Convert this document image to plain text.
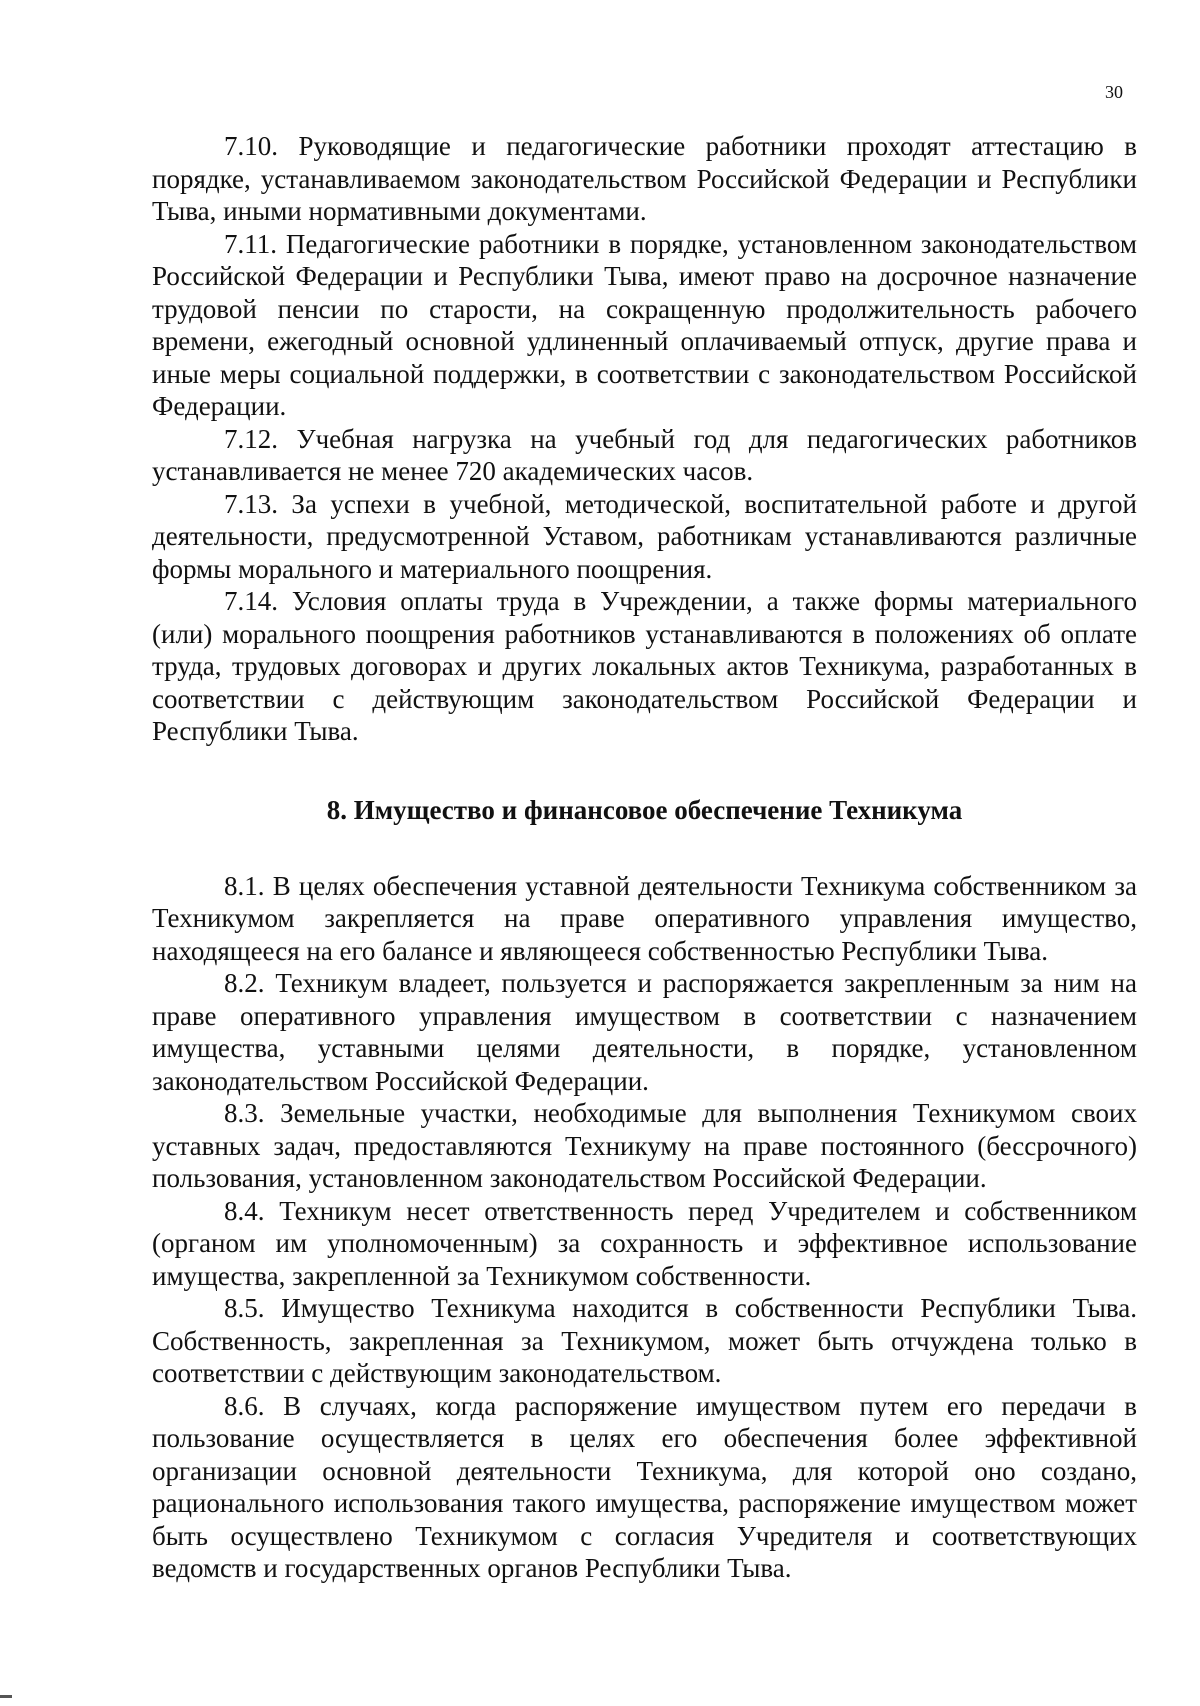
30

7.10. Руководящие и педагогические работники проходят аттестацию в порядке, устанавливаемом законодательством Российской Федерации и Республики Тыва, иными нормативными документами.

7.11. Педагогические работники в порядке, установленном законодательством Российской Федерации и Республики Тыва, имеют право на досрочное назначение трудовой пенсии по старости, на сокращенную продолжительность рабочего времени, ежегодный основной удлиненный оплачиваемый отпуск, другие права и иные меры социальной поддержки, в соответствии с законодательством Российской Федерации.

7.12. Учебная нагрузка на учебный год для педагогических работников устанавливается не менее 720 академических часов.

7.13. За успехи в учебной, методической, воспитательной работе и другой деятельности, предусмотренной Уставом, работникам устанавливаются различные формы морального и материального поощрения.

7.14. Условия оплаты труда в Учреждении, а также формы материального (или) морального поощрения работников устанавливаются в положениях об оплате труда, трудовых договорах и других локальных актов Техникума, разработанных в соответствии с действующим законодательством Российской Федерации и Республики Тыва.

8. Имущество и финансовое обеспечение Техникума

8.1. В целях обеспечения уставной деятельности Техникума собственником за Техникумом закрепляется на праве оперативного управления имущество, находящееся на его балансе и являющееся собственностью Республики Тыва.

8.2. Техникум владеет, пользуется и распоряжается закрепленным за ним на праве оперативного управления имуществом в соответствии с назначением имущества, уставными целями деятельности, в порядке, установленном законодательством Российской Федерации.

8.3. Земельные участки, необходимые для выполнения Техникумом своих уставных задач, предоставляются Техникуму на праве постоянного (бессрочного) пользования, установленном законодательством Российской Федерации.

8.4. Техникум несет ответственность перед Учредителем и собственником (органом им уполномоченным) за сохранность и эффективное использование имущества, закрепленной за Техникумом собственности.

8.5. Имущество Техникума находится в собственности Республики Тыва. Собственность, закрепленная за Техникумом, может быть отчуждена только в соответствии с действующим законодательством.

8.6. В случаях, когда распоряжение имуществом путем его передачи в пользование осуществляется в целях его обеспечения более эффективной организации основной деятельности Техникума, для которой оно создано, рационального использования такого имущества, распоряжение имуществом может быть осуществлено Техникумом с согласия Учредителя и соответствующих ведомств и государственных органов Республики Тыва.
